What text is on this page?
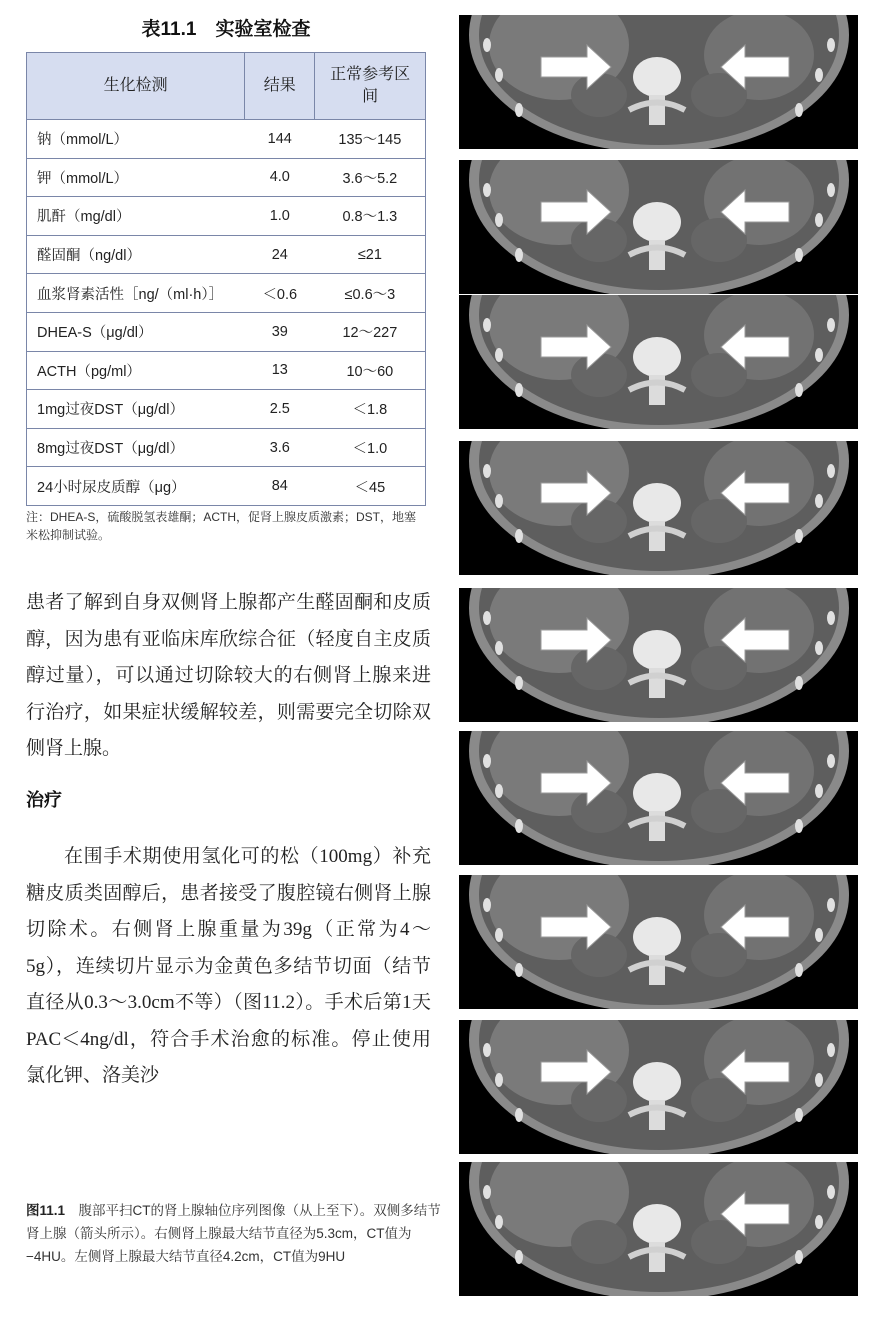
表11.1　实验室检查
生化检测	结果	正常参考区间
钠（mmol/L）	144	135～145
钾（mmol/L）	4.0	3.6～5.2
肌酐（mg/dl）	1.0	0.8～1.3
醛固酮（ng/dl）	24	≤21
血浆肾素活性［ng/（ml·h）］	＜0.6	≤0.6～3
DHEA-S（μg/dl）	39	12～227
ACTH（pg/ml）	13	10～60
1mg过夜DST（μg/dl）	2.5	＜1.8
8mg过夜DST（μg/dl）	3.6	＜1.0
24小时尿皮质醇（μg）	84	＜45
注：DHEA-S，硫酸脱氢表雄酮；ACTH，促肾上腺皮质激素；DST，地塞米松抑制试验。
患者了解到自身双侧肾上腺都产生醛固酮和皮质醇，因为患有亚临床库欣综合征（轻度自主皮质醇过量），可以通过切除较大的右侧肾上腺来进行治疗，如果症状缓解较差，则需要完全切除双侧肾上腺。
治疗
在围手术期使用氢化可的松（100mg）补充糖皮质类固醇后，患者接受了腹腔镜右侧肾上腺切除术。右侧肾上腺重量为39g（正常为4～5g），连续切片显示为金黄色多结节切面（结节直径从0.3～3.0cm不等）（图11.2）。手术后第1天PAC＜4ng/dl，符合手术治愈的标准。停止使用氯化钾、洛美沙
图11.1　腹部平扫CT的肾上腺轴位序列图像（从上至下）。双侧多结节肾上腺（箭头所示）。右侧肾上腺最大结节直径为5.3cm，CT值为−4HU。左侧肾上腺最大结节直径4.2cm，CT值为9HU
